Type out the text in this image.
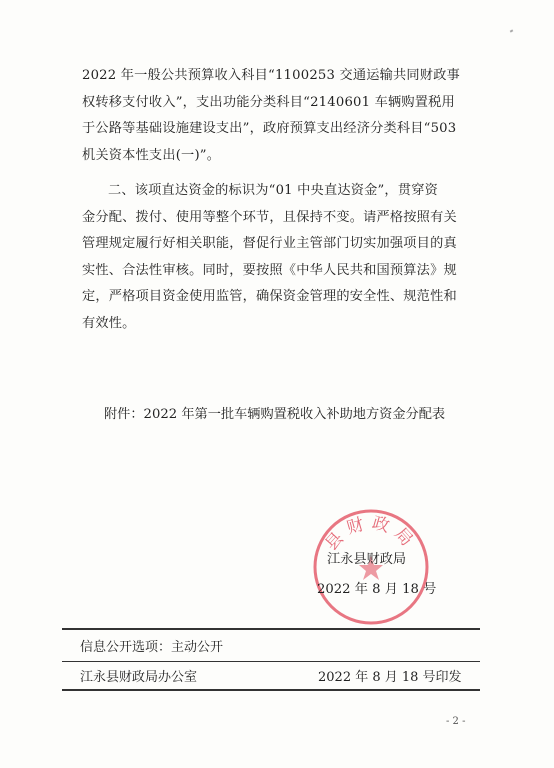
2022 年一般公共预算收入科目“1100253 交通运输共同财政事
权转移支付收入”，支出功能分类科目“2140601 车辆购置税用
于公路等基础设施建设支出”，政府预算支出经济分类科目“503
机关资本性支出(一)”。
二、该项直达资金的标识为“01 中央直达资金”，贯穿资
金分配、拨付、使用等整个环节，且保持不变。请严格按照有关
管理规定履行好相关职能，督促行业主管部门切实加强项目的真
实性、合法性审核。同时，要按照《中华人民共和国预算法》规
定，严格项目资金使用监管，确保资金管理的安全性、规范性和
有效性。
附件：2022 年第一批车辆购置税收入补助地方资金分配表
县财政局
江永县财政局
2022 年 8 月 18 号
信息公开选项：主动公开
江永县财政局办公室	2022 年 8 月 18 号印发
- 2 -
